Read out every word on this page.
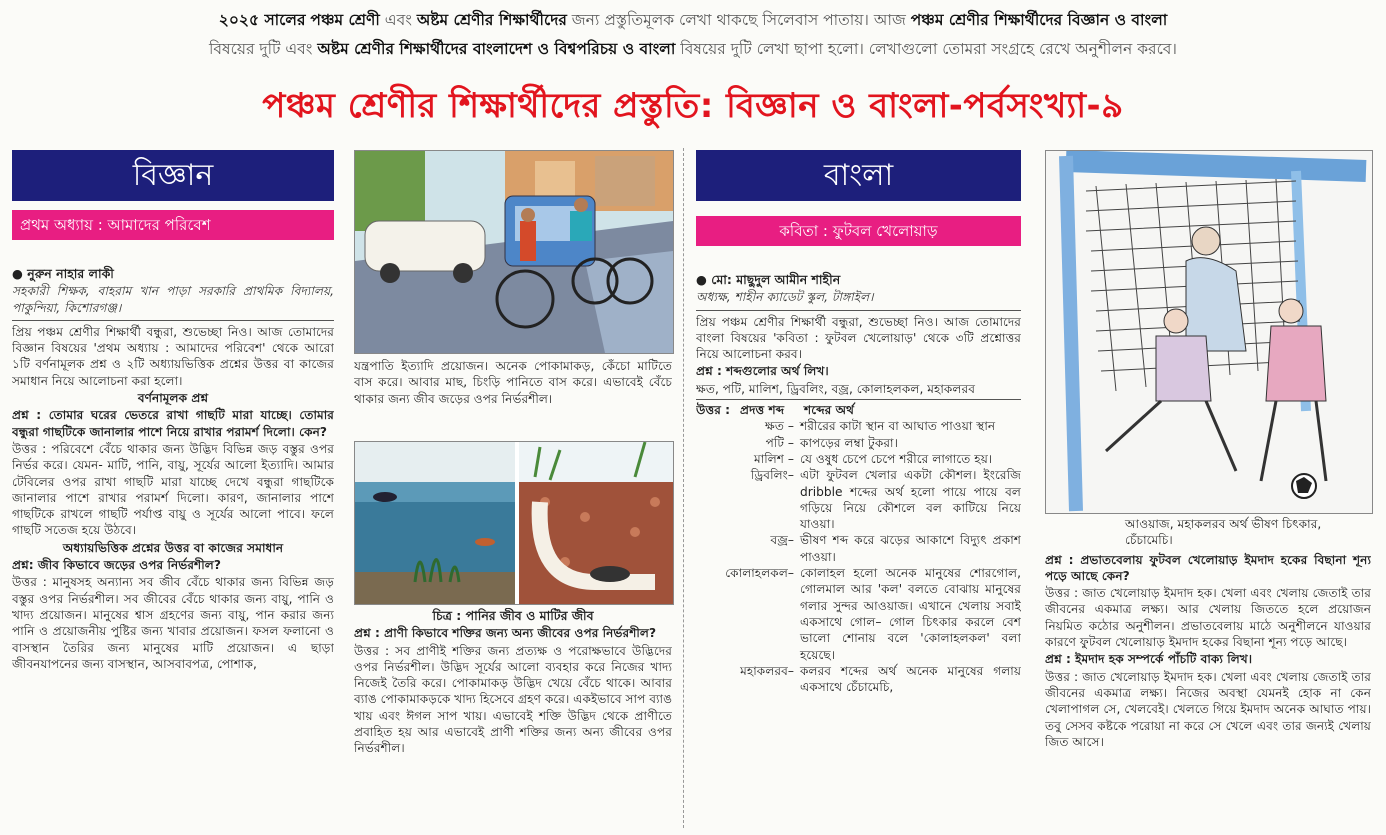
২০২৫ সালের পঞ্চম শ্রেণী এবং অষ্টম শ্রেণীর শিক্ষার্থীদের জন্য প্রস্তুতিমূলক লেখা থাকছে সিলেবাস পাতায়। আজ পঞ্চম শ্রেণীর শিক্ষার্থীদের বিজ্ঞান ও বাংলা
বিষয়ের দুটি এবং অষ্টম শ্রেণীর শিক্ষার্থীদের বাংলাদেশ ও বিশ্বপরিচয় ও বাংলা বিষয়ের দুটি লেখা ছাপা হলো। লেখাগুলো তোমরা সংগ্রহে রেখে অনুশীলন করবে।
পঞ্চম শ্রেণীর শিক্ষার্থীদের প্রস্তুতি: বিজ্ঞান ও বাংলা-পর্বসংখ্যা-৯
বিজ্ঞান
প্রথম অধ্যায় : আমাদের পরিবেশ

● নুরুন নাহার লাকী

সহকারী শিক্ষক, বাহরাম খান পাড়া সরকারি প্রাথমিক বিদ্যালয়, পাকুন্দিয়া, কিশোরগঞ্জ।

প্রিয় পঞ্চম শ্রেণীর শিক্ষার্থী বন্ধুরা, শুভেচ্ছা নিও। আজ তোমাদের বিজ্ঞান বিষয়ের 'প্রথম অধ্যায় : আমাদের পরিবেশ' থেকে আরো ১টি বর্ণনামূলক প্রশ্ন ও ২টি অধ্যায়ভিত্তিক প্রশ্নের উত্তর বা কাজের সমাধান নিয়ে আলোচনা করা হলো।

বর্ণনামূলক প্রশ্ন

প্রশ্ন : তোমার ঘরের ভেতরে রাখা গাছটি মারা যাচ্ছে। তোমার বন্ধুরা গাছটিকে জানালার পাশে নিয়ে রাখার পরামর্শ দিলো। কেন?

উত্তর : পরিবেশে বেঁচে থাকার জন্য উদ্ভিদ বিভিন্ন জড় বস্তুর ওপর নির্ভর করে। যেমন- মাটি, পানি, বায়ু, সূর্যের আলো ইত্যাদি। আমার টেবিলের ওপর রাখা গাছটি মারা যাচ্ছে দেখে বন্ধুরা গাছটিকে জানালার পাশে রাখার পরামর্শ দিলো। কারণ, জানালার পাশে গাছটিকে রাখলে গাছটি পর্যাপ্ত বায়ু ও সূর্যের আলো পাবে। ফলে গাছটি সতেজ হয়ে উঠবে।

অধ্যায়ভিত্তিক প্রশ্নের উত্তর বা কাজের সমাধান

প্রশ্ন: জীব কিভাবে জড়ের ওপর নির্ভরশীল?

উত্তর : মানুষসহ অন্যান্য সব জীব বেঁচে থাকার জন্য বিভিন্ন জড় বস্তুর ওপর নির্ভরশীল। সব জীবের বেঁচে থাকার জন্য বায়ু, পানি ও খাদ্য প্রয়োজন। মানুষের শ্বাস গ্রহণের জন্য বায়ু, পান করার জন্য পানি ও প্রয়োজনীয় পুষ্টির জন্য খাবার প্রয়োজন। ফসল ফলানো ও বাসস্থান তৈরির জন্য মানুষের মাটি প্রয়োজন। এ ছাড়া জীবনযাপনের জন্য বাসস্থান, আসবাবপত্র, পোশাক,

যন্ত্রপাতি ইত্যাদি প্রয়োজন। অনেক পোকামাকড়, কেঁচো মাটিতে বাস করে। আবার মাছ, চিংড়ি পানিতে বাস করে। এভাবেই বেঁচে থাকার জন্য জীব জড়ের ওপর নির্ভরশীল।

চিত্র : পানির জীব ও মাটির জীব

প্রশ্ন : প্রাণী কিভাবে শক্তির জন্য অন্য জীবের ওপর নির্ভরশীল?

উত্তর : সব প্রাণীই শক্তির জন্য প্রত্যক্ষ ও পরোক্ষভাবে উদ্ভিদের ওপর নির্ভরশীল। উদ্ভিদ সূর্যের আলো ব্যবহার করে নিজের খাদ্য নিজেই তৈরি করে। পোকামাকড় উদ্ভিদ খেয়ে বেঁচে থাকে। আবার ব্যাঙ পোকামাকড়কে খাদ্য হিসেবে গ্রহণ করে। একইভাবে সাপ ব্যাঙ খায় এবং ঈগল সাপ খায়। এভাবেই শক্তি উদ্ভিদ থেকে প্রাণীতে প্রবাহিত হয় আর এভাবেই প্রাণী শক্তির জন্য অন্য জীবের ওপর নির্ভরশীল।

বাংলা
কবিতা : ফুটবল খেলোয়াড়

● মো: মাছুদুল আমীন শাহীন

অধ্যক্ষ, শাহীন ক্যাডেট স্কুল, টাঙ্গাইল।

প্রিয় পঞ্চম শ্রেণীর শিক্ষার্থী বন্ধুরা, শুভেচ্ছা নিও। আজ তোমাদের বাংলা বিষয়ের 'কবিতা : ফুটবল খেলোয়াড়' থেকে ৩টি প্রশ্নোত্তর নিয়ে আলোচনা করব।

প্রশ্ন : শব্দগুলোর অর্থ লিখ।

ক্ষত, পটি, মালিশ, ড্রিবলিং, বজ্র, কোলাহলকল, মহাকলরব

উত্তর : প্রদত্ত শব্দ	শব্দের অর্থ
ক্ষত – শরীরের কাটা স্থান বা আঘাত পাওয়া স্থান
পটি – কাপড়ের লম্বা টুকরা।
মালিশ – যে ওষুধ চেপে চেপে শরীরে লাগাতে হয়।
ড্রিবলিং– এটা ফুটবল খেলার একটা কৌশল। ইংরেজি dribble শব্দের অর্থ হলো পায়ে পায়ে বল গড়িয়ে নিয়ে কৌশলে বল কাটিয়ে নিয়ে যাওয়া।
বজ্র– ভীষণ শব্দ করে ঝড়ের আকাশে বিদ্যুৎ প্রকাশ পাওয়া।
কোলাহলকল– কোলাহল হলো অনেক মানুষের শোরগোল, গোলমাল আর 'কল' বলতে বোঝায় মানুষের গলার সুন্দর আওয়াজ। এখানে খেলায় সবাই একসাথে গোল– গোল চিৎকার করলে বেশ ভালো শোনায় বলে 'কোলাহলকল' বলা হয়েছে।
মহাকলরব– কলরব শব্দের অর্থ অনেক মানুষের গলায় একসাথে চেঁচামেচি,

আওয়াজ, মহাকলরব অর্থ ভীষণ চিৎকার, চেঁচামেচি।

প্রশ্ন : প্রভাতবেলায় ফুটবল খেলোয়াড় ইমদাদ হকের বিছানা শূন্য পড়ে আছে কেন?

উত্তর : জাত খেলোয়াড় ইমদাদ হক। খেলা এবং খেলায় জেতাই তার জীবনের একমাত্র লক্ষ্য। আর খেলায় জিততে হলে প্রয়োজন নিয়মিত কঠোর অনুশীলন। প্রভাতবেলায় মাঠে অনুশীলনে যাওয়ার কারণে ফুটবল খেলোয়াড় ইমদাদ হকের বিছানা শূন্য পড়ে আছে।

প্রশ্ন : ইমদাদ হক সম্পর্কে পাঁচটি বাক্য লিখ।

উত্তর : জাত খেলোয়াড় ইমদাদ হক। খেলা এবং খেলায় জেতাই তার জীবনের একমাত্র লক্ষ্য। নিজের অবস্থা যেমনই হোক না কেন খেলাপাগল সে, খেলবেই। খেলতে গিয়ে ইমদাদ অনেক আঘাত পায়। তবু সেসব কষ্টকে পরোয়া না করে সে খেলে এবং তার জন্যই খেলায় জিত আসে।
